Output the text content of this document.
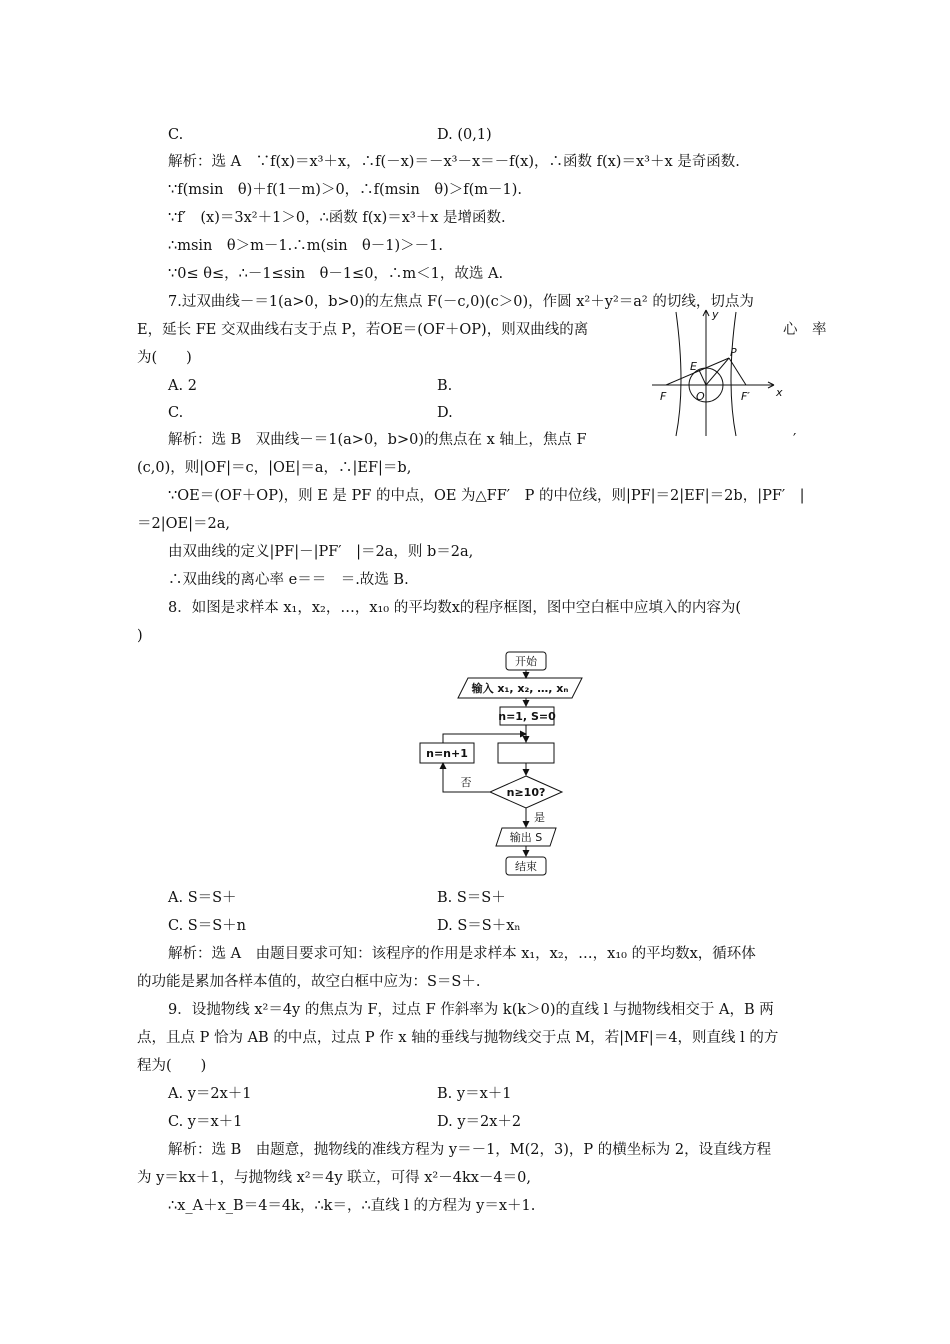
C.	D. (0,1)
解析：选 A　∵f(x)＝x³＋x，∴f(－x)＝－x³－x＝－f(x)，∴函数 f(x)＝x³＋x 是奇函数.
∵f(msin　θ)＋f(1－m)＞0，∴f(msin　θ)＞f(m－1).
∵f′　(x)＝3x²＋1＞0，∴函数 f(x)＝x³＋x 是增函数.
∴msin　θ＞m－1.∴m(sin　θ－1)＞－1.
∵0≤ θ≤，∴－1≤sin　θ－1≤0，∴m＜1，故选 A.
7.过双曲线－＝1(a>0，b>0)的左焦点 F(－c,0)(c＞0)，作圆 x²＋y²＝a² 的切线，切点为
E，延长 FE 交双曲线右支于点 P，若OE＝(OF＋OP)，则双曲线的离	心　率
为(　　)
A. 2	B.
C.	D.
解析：选 B　双曲线－＝1(a>0，b>0)的焦点在 x 轴上，焦点 F	′
(c,0)，则|OF|＝c，|OE|＝a，∴|EF|＝b,
∵OE＝(OF＋OP)，则 E 是 PF 的中点，OE 为△FF′　P 的中位线，则|PF|＝2|EF|＝2b，|PF′　|
＝2|OE|＝2a,
由双曲线的定义|PF|－|PF′　|＝2a，则 b＝2a,
∴双曲线的离心率 e＝＝　＝.故选 B.
y
x
P
E
F	O	F′
8．如图是求样本 x₁，x₂，…，x₁₀ 的平均数x的程序框图，图中空白框中应填入的内容为(
)
开始
输入 x₁, x₂, …, xₙ
n=1, S=0
n=n+1
n≥10?
否
是
输出 S
结束
A. S＝S＋	B. S＝S＋
C. S＝S＋n	D. S＝S＋xₙ
解析：选 A　由题目要求可知：该程序的作用是求样本 x₁，x₂，…，x₁₀ 的平均数x，循环体
的功能是累加各样本值的，故空白框中应为：S＝S＋.
9．设抛物线 x²＝4y 的焦点为 F，过点 F 作斜率为 k(k＞0)的直线 l 与抛物线相交于 A，B 两
点，且点 P 恰为 AB 的中点，过点 P 作 x 轴的垂线与抛物线交于点 M，若|MF|＝4，则直线 l 的方
程为(　　)
A. y＝2x＋1	B. y＝x＋1
C. y＝x＋1	D. y＝2x＋2
解析：选 B　由题意，抛物线的准线方程为 y＝－1，M(2，3)，P 的横坐标为 2，设直线方程
为 y＝kx＋1，与抛物线 x²＝4y 联立，可得 x²－4kx－4＝0,
∴x_A＋x_B＝4＝4k，∴k＝，∴直线 l 的方程为 y＝x＋1.
